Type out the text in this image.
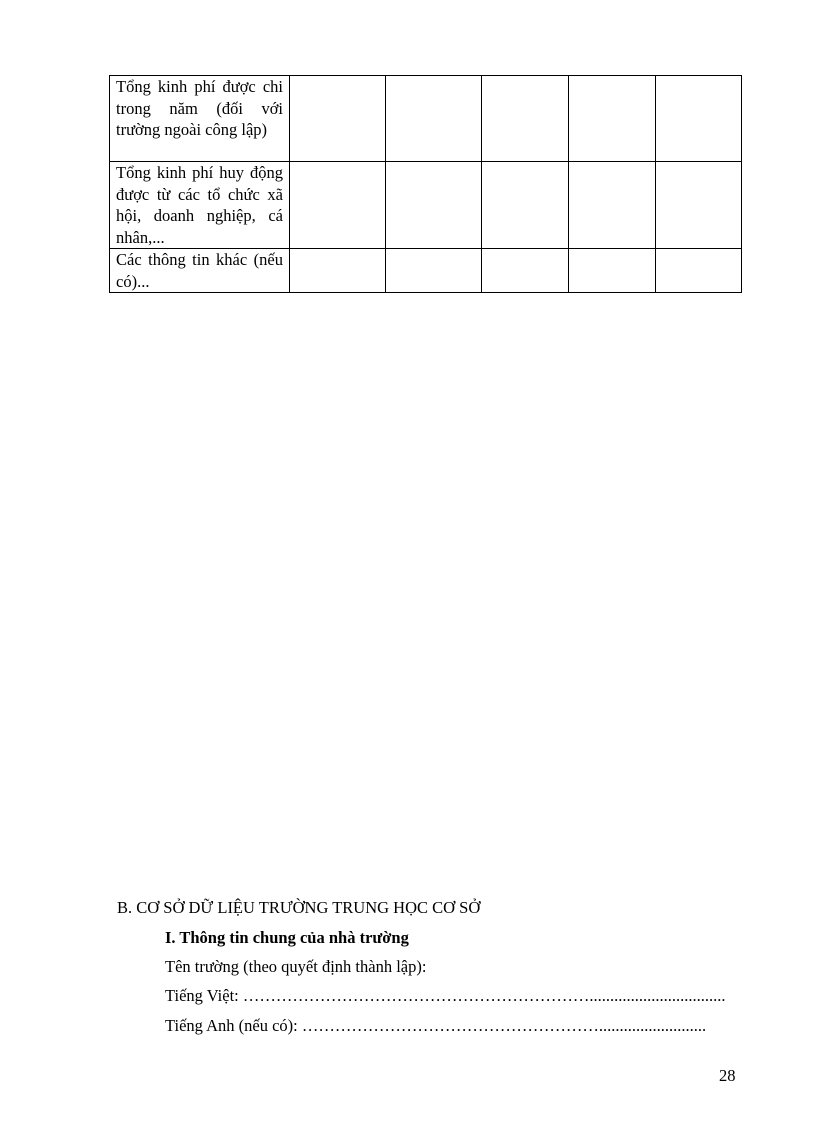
Tổng kinh phí được chi trong năm (đối với trường ngoài công lập)					
Tổng kinh phí huy động được từ các tổ chức xã hội, doanh nghiệp, cá nhân,...					
Các thông tin khác (nếu có)...					
B. CƠ SỞ DỮ LIỆU TRƯỜNG TRUNG HỌC CƠ SỞ
I. Thông tin chung của nhà trường
Tên trường (theo quyết định thành lập):
Tiếng Việt: ……………………………………………………….................................
Tiếng Anh (nếu có): ………………………………………………..........................
28
